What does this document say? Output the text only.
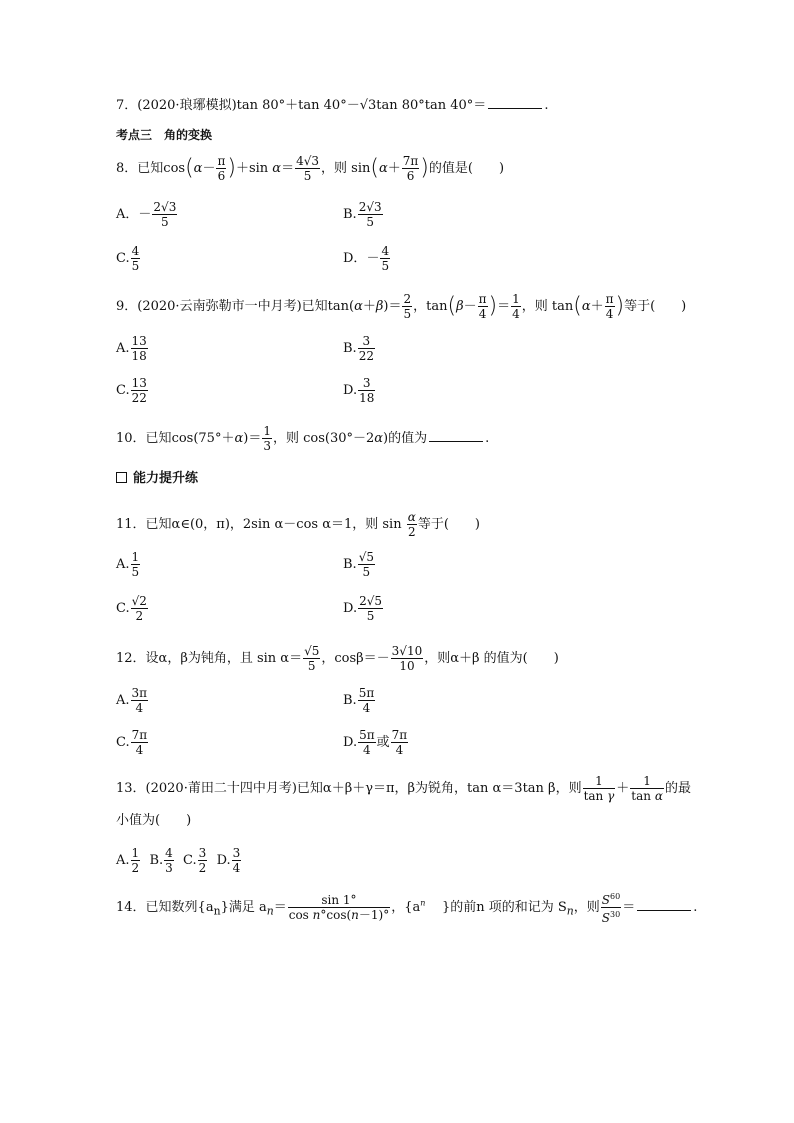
7．(2020·琅琊模拟)tan 80°＋tan 40°－√3tan 80°tan 40°＝	.
考点三　角的变换
8．已知$\cos(\alpha- \frac{\pi}{6} )+\sin$ $\alpha= \frac{4√3}{5}$ ，则 $\sin(\alpha+ \frac{7\pi}{6}$ )的值是(　　)
A．－ $\frac{2√3}{5}$	B. $\frac{2√3}{5}$
C. $\frac{4}{5}$	D．－ $\frac{4}{5}$
9．(2020·云南弥勒市一中月考)已知$\tan(\alpha+\beta)= \frac{2}{5}$ ，$\tan(\beta- \frac{\pi}{4}$ )＝ $\frac{1}{4}$ ，则 $\tan(\alpha+ \frac{\pi}{4}$ )等于(　　)
A. $\frac{13}{18}$	B. $\frac{3}{22}$
C. $\frac{13}{22}$	D. $\frac{3}{18}$
10．已知$\cos(75^\circ+\alpha)= \frac{1}{3}$ ，则 cos(30°－2α)的值为	.
能力提升练
11．已知α∈(0，π)，2sin α－cos α＝1，则 $\sin \frac{\alpha}{2}$ 等于(　　)
A. $\frac{1}{5}$	B. $\frac{√5}{5}$
C. $\frac{√2}{2}$	D. $\frac{2√5}{5}$
12．设α，β为钝角，且 $\sin \alpha= \frac{√5}{5}$ ，$\cos\beta=- \frac{3√10}{10}$ ，则α＋β 的值为(　　)
A. $\frac{3\pi}{4}$	B. $\frac{5\pi}{4}$
C. $\frac{7\pi}{4}$	D. $\frac{5\pi}{4}$ 或 $\frac{7\pi}{4}$
13．(2020·莆田二十四中月考)已知α＋β＋γ＝π，β为锐角，tan α＝3tan β，则 $\frac{1}{\text{tan γ}} + \frac{1}{\text{tan α}}$ 的最
小值为(　　)
A. $\frac{1}{2} B$. $\frac{4}{3} C$. $\frac{3}{2} D$. $\frac{3}{4}$
14．已知数列$\{a_n\}$满足 $a_n= \frac{\sin 1^\circ}{\text{cos n°cos(n－1)°}}$ ，{$a^n$ }的前n 项的和记为 $S_n$，则 $\frac{S^{60}}{S^{30}}$ ＝	.
